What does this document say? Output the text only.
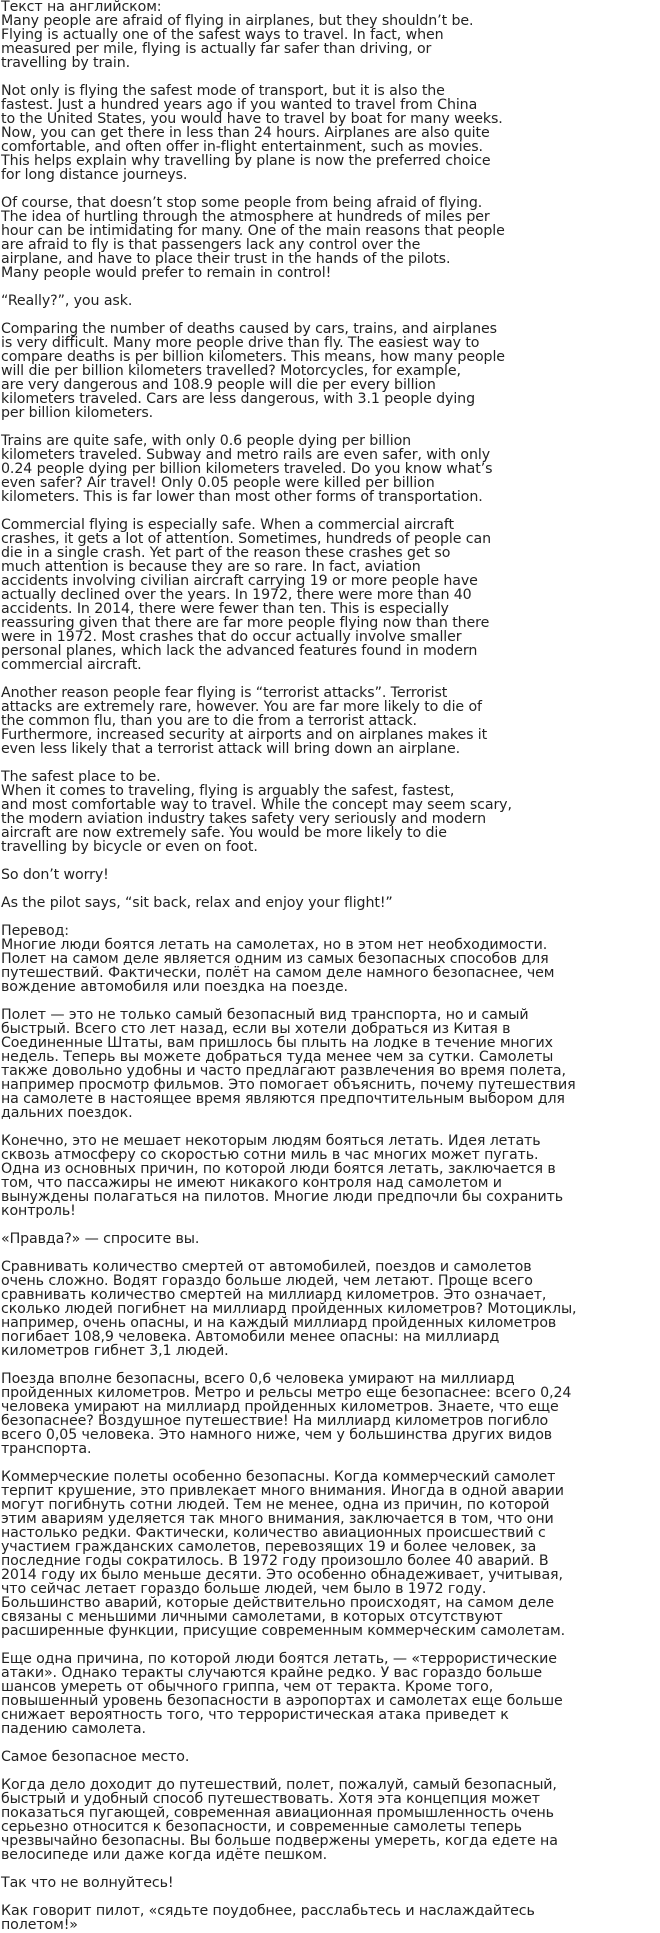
Текст на английском:

Many people are afraid of flying in airplanes, but they shouldn’t be.
Flying is actually one of the safest ways to travel. In fact, when
measured per mile, flying is actually far safer than driving, or
travelling by train.

Not only is flying the safest mode of transport, but it is also the
fastest. Just a hundred years ago if you wanted to travel from China
to the United States, you would have to travel by boat for many weeks.
Now, you can get there in less than 24 hours. Airplanes are also quite
comfortable, and often offer in-flight entertainment, such as movies.
This helps explain why travelling by plane is now the preferred choice
for long distance journeys.

Of course, that doesn’t stop some people from being afraid of flying.
The idea of hurtling through the atmosphere at hundreds of miles per
hour can be intimidating for many. One of the main reasons that people
are afraid to fly is that passengers lack any control over the
airplane, and have to place their trust in the hands of the pilots.
Many people would prefer to remain in control!

“Really?”, you ask.

Comparing the number of deaths caused by cars, trains, and airplanes
is very difficult. Many more people drive than fly. The easiest way to
compare deaths is per billion kilometers. This means, how many people
will die per billion kilometers travelled? Motorcycles, for example,
are very dangerous and 108.9 people will die per every billion
kilometers traveled. Cars are less dangerous, with 3.1 people dying
per billion kilometers.

Trains are quite safe, with only 0.6 people dying per billion
kilometers traveled. Subway and metro rails are even safer, with only
0.24 people dying per billion kilometers traveled. Do you know what’s
even safer? Air travel! Only 0.05 people were killed per billion
kilometers. This is far lower than most other forms of transportation.

Commercial flying is especially safe. When a commercial aircraft
crashes, it gets a lot of attention. Sometimes, hundreds of people can
die in a single crash. Yet part of the reason these crashes get so
much attention is because they are so rare. In fact, aviation
accidents involving civilian aircraft carrying 19 or more people have
actually declined over the years. In 1972, there were more than 40
accidents. In 2014, there were fewer than ten. This is especially
reassuring given that there are far more people flying now than there
were in 1972. Most crashes that do occur actually involve smaller
personal planes, which lack the advanced features found in modern
commercial aircraft.

Another reason people fear flying is “terrorist attacks”. Terrorist
attacks are extremely rare, however. You are far more likely to die of
the common flu, than you are to die from a terrorist attack.
Furthermore, increased security at airports and on airplanes makes it
even less likely that a terrorist attack will bring down an airplane.

The safest place to be.
When it comes to traveling, flying is arguably the safest, fastest,
and most comfortable way to travel. While the concept may seem scary,
the modern aviation industry takes safety very seriously and modern
aircraft are now extremely safe. You would be more likely to die
travelling by bicycle or even on foot.

So don’t worry!

As the pilot says, “sit back, relax and enjoy your flight!”

Перевод:

Многие люди боятся летать на самолетах, но в этом нет необходимости.
Полет на самом деле является одним из самых безопасных способов для
путешествий. Фактически, полёт на самом деле намного безопаснее, чем
вождение автомобиля или поездка на поезде.

Полет — это не только самый безопасный вид транспорта, но и самый
быстрый. Всего сто лет назад, если вы хотели добраться из Китая в
Соединенные Штаты, вам пришлось бы плыть на лодке в течение многих
недель. Теперь вы можете добраться туда менее чем за сутки. Самолеты
также довольно удобны и часто предлагают развлечения во время полета,
например просмотр фильмов. Это помогает объяснить, почему путешествия
на самолете в настоящее время являются предпочтительным выбором для
дальних поездок.

Конечно, это не мешает некоторым людям бояться летать. Идея летать
сквозь атмосферу со скоростью сотни миль в час многих может пугать.
Одна из основных причин, по которой люди боятся летать, заключается в
том, что пассажиры не имеют никакого контроля над самолетом и
вынуждены полагаться на пилотов. Многие люди предпочли бы сохранить
контроль!

«Правда?» — спросите вы.

Сравнивать количество смертей от автомобилей, поездов и самолетов
очень сложно. Водят гораздо больше людей, чем летают. Проще всего
сравнивать количество смертей на миллиард километров. Это означает,
сколько людей погибнет на миллиард пройденных километров? Мотоциклы,
например, очень опасны, и на каждый миллиард пройденных километров
погибает 108,9 человека. Автомобили менее опасны: на миллиард
километров гибнет 3,1 людей.

Поезда вполне безопасны, всего 0,6 человека умирают на миллиард
пройденных километров. Метро и рельсы метро еще безопаснее: всего 0,24
человека умирают на миллиард пройденных километров. Знаете, что еще
безопаснее? Воздушное путешествие! На миллиард километров погибло
всего 0,05 человека. Это намного ниже, чем у большинства других видов
транспорта.

Коммерческие полеты особенно безопасны. Когда коммерческий самолет
терпит крушение, это привлекает много внимания. Иногда в одной аварии
могут погибнуть сотни людей. Тем не менее, одна из причин, по которой
этим авариям уделяется так много внимания, заключается в том, что они
настолько редки. Фактически, количество авиационных происшествий с
участием гражданских самолетов, перевозящих 19 и более человек, за
последние годы сократилось. В 1972 году произошло более 40 аварий. В
2014 году их было меньше десяти. Это особенно обнадеживает, учитывая,
что сейчас летает гораздо больше людей, чем было в 1972 году.
Большинство аварий, которые действительно происходят, на самом деле
связаны с меньшими личными самолетами, в которых отсутствуют
расширенные функции, присущие современным коммерческим самолетам.

Еще одна причина, по которой люди боятся летать, — «террористические
атаки». Однако теракты случаются крайне редко. У вас гораздо больше
шансов умереть от обычного гриппа, чем от теракта. Кроме того,
повышенный уровень безопасности в аэропортах и самолетах еще больше
снижает вероятность того, что террористическая атака приведет к
падению самолета.

Самое безопасное место.

Когда дело доходит до путешествий, полет, пожалуй, самый безопасный,
быстрый и удобный способ путешествовать. Хотя эта концепция может
показаться пугающей, современная авиационная промышленность очень
серьезно относится к безопасности, и современные самолеты теперь
чрезвычайно безопасны. Вы больше подвержены умереть, когда едете на
велосипеде или даже когда идёте пешком.

Так что не волнуйтесь!

Как говорит пилот, «сядьте поудобнее, расслабьтесь и наслаждайтесь
полетом!»
